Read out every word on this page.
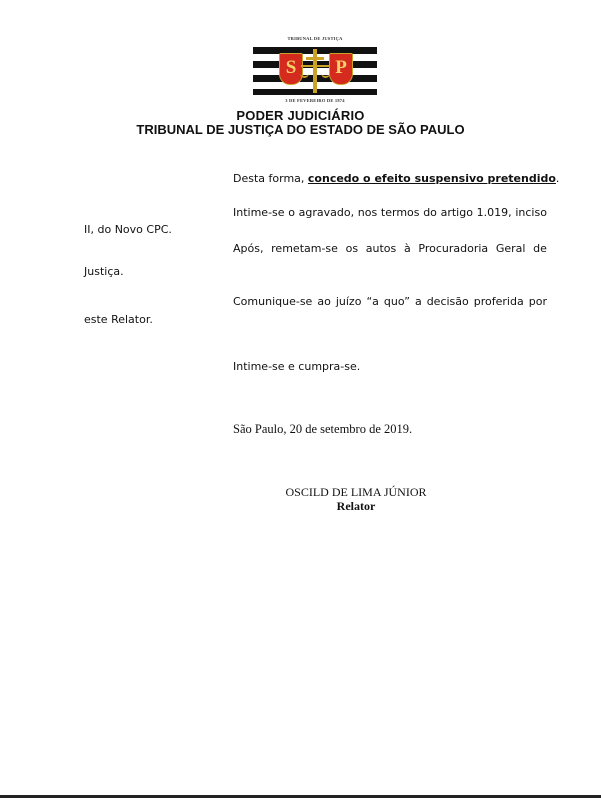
TRIBUNAL DE JUSTIÇA
S	P
3 DE FEVEREIRO DE 1874
PODER JUDICIÁRIO
TRIBUNAL DE JUSTIÇA DO ESTADO DE SÃO PAULO
Desta forma, concedo o efeito suspensivo pretendido.
Intime-se o agravado, nos termos do artigo 1.019, inciso
II, do Novo CPC.
Após, remetam-se os autos à Procuradoria Geral de
Justiça.
Comunique-se ao juízo “a quo” a decisão proferida por
este Relator.
Intime-se e cumpra-se.
São Paulo, 20 de setembro de 2019.
OSCILD DE LIMA JÚNIOR
Relator
